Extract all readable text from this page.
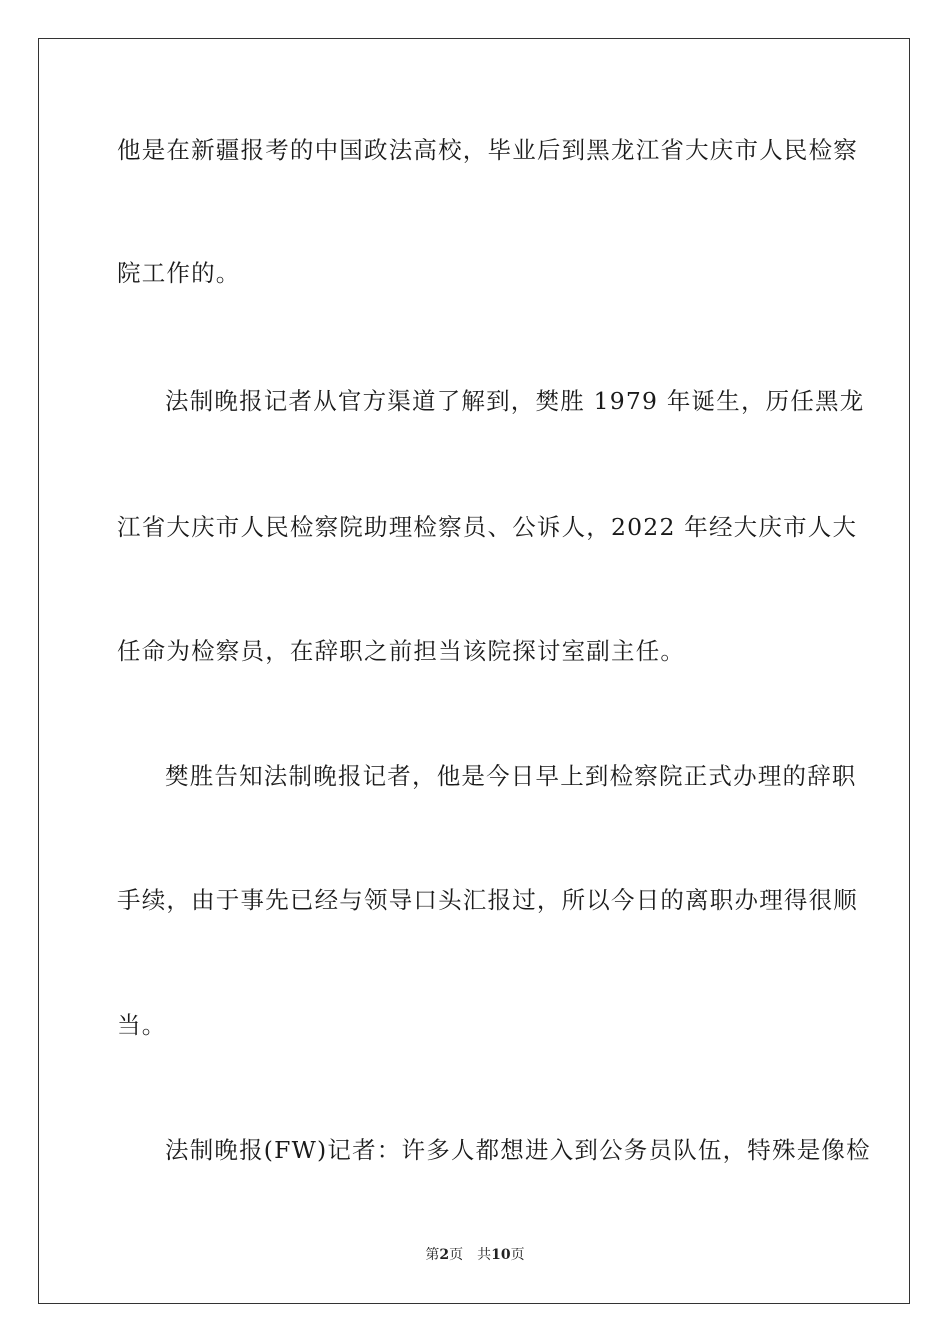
他是在新疆报考的中国政法高校，毕业后到黑龙江省大庆市人民检察
院工作的。
法制晚报记者从官方渠道了解到，樊胜 1979 年诞生，历任黑龙
江省大庆市人民检察院助理检察员、公诉人，2022 年经大庆市人大
任命为检察员，在辞职之前担当该院探讨室副主任。
樊胜告知法制晚报记者，他是今日早上到检察院正式办理的辞职
手续，由于事先已经与领导口头汇报过，所以今日的离职办理得很顺
当。
法制晚报(FW)记者：许多人都想进入到公务员队伍，特殊是像检
第2页 共10页
